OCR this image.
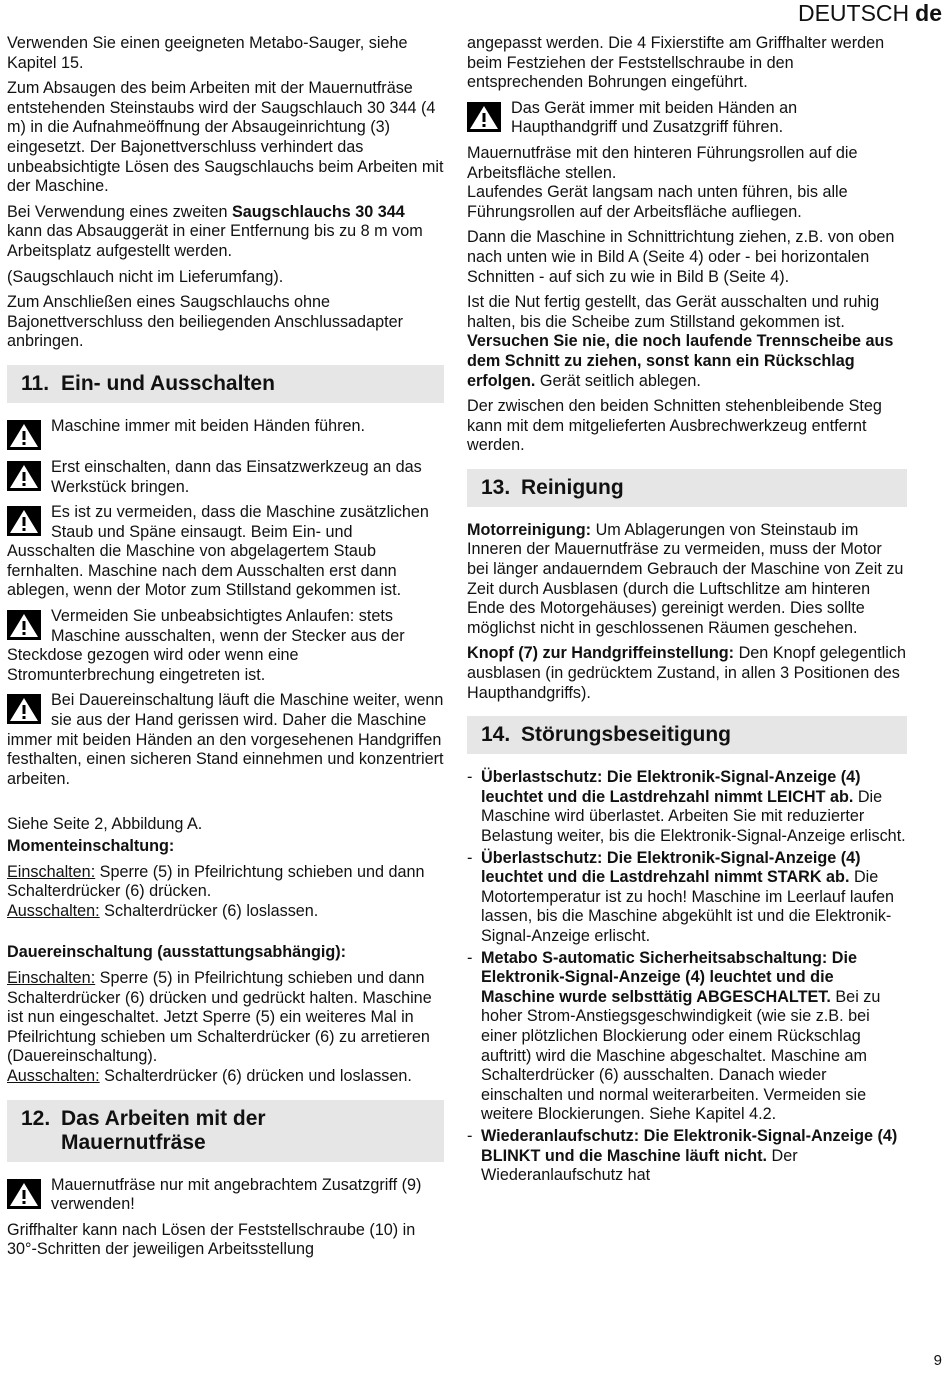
DEUTSCH de

Verwenden Sie einen geeigneten Metabo-Sauger, siehe Kapitel 15.

Zum Absaugen des beim Arbeiten mit der Mauernutfräse entstehenden Steinstaubs wird der Saugschlauch 30 344 (4 m) in die Aufnahmeöffnung der Absaugeinrichtung (3) eingesetzt. Der Bajonettverschluss verhindert das unbeabsichtigte Lösen des Saugschlauchs beim Arbeiten mit der Maschine.

Bei Verwendung eines zweiten Saugschlauchs 30 344 kann das Absauggerät in einer Entfernung bis zu 8 m vom Arbeitsplatz aufgestellt werden.

(Saugschlauch nicht im Lieferumfang).

Zum Anschließen eines Saugschlauchs ohne Bajonettverschluss den beiliegenden Anschlussadapter anbringen.

11. Ein- und Ausschalten
Maschine immer mit beiden Händen führen.
Erst einschalten, dann das Einsatzwerkzeug an das Werkstück bringen.
Es ist zu vermeiden, dass die Maschine zusätzlichen Staub und Späne einsaugt. Beim Ein- und Ausschalten die Maschine von abgelagertem Staub fernhalten. Maschine nach dem Ausschalten erst dann ablegen, wenn der Motor zum Stillstand gekommen ist.
Vermeiden Sie unbeabsichtigtes Anlaufen: stets Maschine ausschalten, wenn der Stecker aus der Steckdose gezogen wird oder wenn eine Stromunterbrechung eingetreten ist.
Bei Dauereinschaltung läuft die Maschine weiter, wenn sie aus der Hand gerissen wird. Daher die Maschine immer mit beiden Händen an den vorgesehenen Handgriffen festhalten, einen sicheren Stand einnehmen und konzentriert arbeiten.

Siehe Seite 2, Abbildung A.

Momenteinschaltung:

Einschalten: Sperre (5) in Pfeilrichtung schieben und dann Schalterdrücker (6) drücken.

Ausschalten: Schalterdrücker (6) loslassen.

Dauereinschaltung (ausstattungsabhängig):

Einschalten: Sperre (5) in Pfeilrichtung schieben und dann Schalterdrücker (6) drücken und gedrückt halten. Maschine ist nun eingeschaltet. Jetzt Sperre (5) ein weiteres Mal in Pfeilrichtung schieben um Schalterdrücker (6) zu arretieren (Dauereinschaltung).

Ausschalten: Schalterdrücker (6) drücken und loslassen.

12. Das Arbeiten mit der
Mauernutfräse
Mauernutfräse nur mit angebrachtem Zusatzgriff (9) verwenden!

Griffhalter kann nach Lösen der Feststellschraube (10) in 30°-Schritten der jeweiligen Arbeitsstellung

angepasst werden. Die 4 Fixierstifte am Griffhalter werden beim Festziehen der Feststellschraube in den entsprechenden Bohrungen eingeführt.

Das Gerät immer mit beiden Händen an Haupthandgriff und Zusatzgriff führen.

Mauernutfräse mit den hinteren Führungsrollen auf die Arbeitsfläche stellen.

Laufendes Gerät langsam nach unten führen, bis alle Führungsrollen auf der Arbeitsfläche aufliegen.

Dann die Maschine in Schnittrichtung ziehen, z.B. von oben nach unten wie in Bild A (Seite 4) oder - bei horizontalen Schnitten - auf sich zu wie in Bild B (Seite 4).

Ist die Nut fertig gestellt, das Gerät ausschalten und ruhig halten, bis die Scheibe zum Stillstand gekommen ist. Versuchen Sie nie, die noch laufende Trennscheibe aus dem Schnitt zu ziehen, sonst kann ein Rückschlag erfolgen. Gerät seitlich ablegen.

Der zwischen den beiden Schnitten stehenbleibende Steg kann mit dem mitgelieferten Ausbrechwerkzeug entfernt werden.

13. Reinigung

Motorreinigung: Um Ablagerungen von Steinstaub im Inneren der Mauernutfräse zu vermeiden, muss der Motor bei länger andauerndem Gebrauch der Maschine von Zeit zu Zeit durch Ausblasen (durch die Luftschlitze am hinteren Ende des Motorgehäuses) gereinigt werden. Dies sollte möglichst nicht in geschlossenen Räumen geschehen.

Knopf (7) zur Handgriffeinstellung: Den Knopf gelegentlich ausblasen (in gedrücktem Zustand, in allen 3 Positionen des Haupthandgriffs).

14. Störungsbeseitigung
- Überlastschutz: Die Elektronik-Signal-Anzeige (4) leuchtet und die Lastdrehzahl nimmt LEICHT ab. Die Maschine wird überlastet. Arbeiten Sie mit reduzierter Belastung weiter, bis die Elektronik-Signal-Anzeige erlischt.
- Überlastschutz: Die Elektronik-Signal-Anzeige (4) leuchtet und die Lastdrehzahl nimmt STARK ab. Die Motortemperatur ist zu hoch! Maschine im Leerlauf laufen lassen, bis die Maschine abgekühlt ist und die Elektronik-Signal-Anzeige erlischt.
- Metabo S-automatic Sicherheitsabschaltung: Die Elektronik-Signal-Anzeige (4) leuchtet und die Maschine wurde selbsttätig ABGESCHALTET. Bei zu hoher Strom-Anstiegsgeschwindigkeit (wie sie z.B. bei einer plötzlichen Blockierung oder einem Rückschlag auftritt) wird die Maschine abgeschaltet. Maschine am Schalterdrücker (6) ausschalten. Danach wieder einschalten und normal weiterarbeiten. Vermeiden sie weitere Blockierungen. Siehe Kapitel 4.2.
- Wiederanlaufschutz: Die Elektronik-Signal-Anzeige (4) BLINKT und die Maschine läuft nicht. Der Wiederanlaufschutz hat
9
